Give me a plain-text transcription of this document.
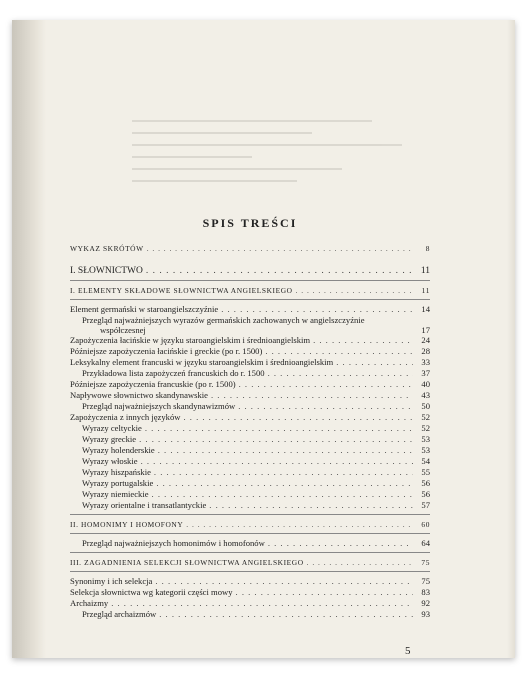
SPIS TREŚCI
WYKAZ SKRÓTÓW . . .	8
I. SŁOWNICTWO . . .	11
I. ELEMENTY SKŁADOWE SŁOWNICTWA ANGIELSKIEGO . . .	11
Element germański w staroangielszczyźnie . . .	14
Przegląd najważniejszych wyrazów germańskich zachowanych w angielszczyźnie
współczesnej	17
Zapożyczenia łacińskie w języku staroangielskim i średnioangielskim . . .	24
Późniejsze zapożyczenia łacińskie i greckie (po r. 1500) . . .	28
Leksykalny element francuski w języku staroangielskim i średnioangielskim . . .	33
Przykładowa lista zapożyczeń francuskich do r. 1500 . . .	37
Późniejsze zapożyczenia francuskie (po r. 1500) . . .	40
Napływowe słownictwo skandynawskie . . .	43
Przegląd najważniejszych skandynawizmów . . .	50
Zapożyczenia z innych języków . . .	52
Wyrazy celtyckie . . .	52
Wyrazy greckie . . .	53
Wyrazy holenderskie . . .	53
Wyrazy włoskie . . .	54
Wyrazy hiszpańskie . . .	55
Wyrazy portugalskie . . .	56
Wyrazy niemieckie . . .	56
Wyrazy orientalne i transatlantyckie . . .	57
II. HOMONIMY I HOMOFONY . . .	60
Przegląd najważniejszych homonimów i homofonów . . .	64
III. ZAGADNIENIA SELEKCJI SŁOWNICTWA ANGIELSKIEGO . . .	75
Synonimy i ich selekcja . . .	75
Selekcja słownictwa wg kategorii części mowy . . .	83
Archaizmy . . .	92
Przegląd archaizmów . . .	93
5
